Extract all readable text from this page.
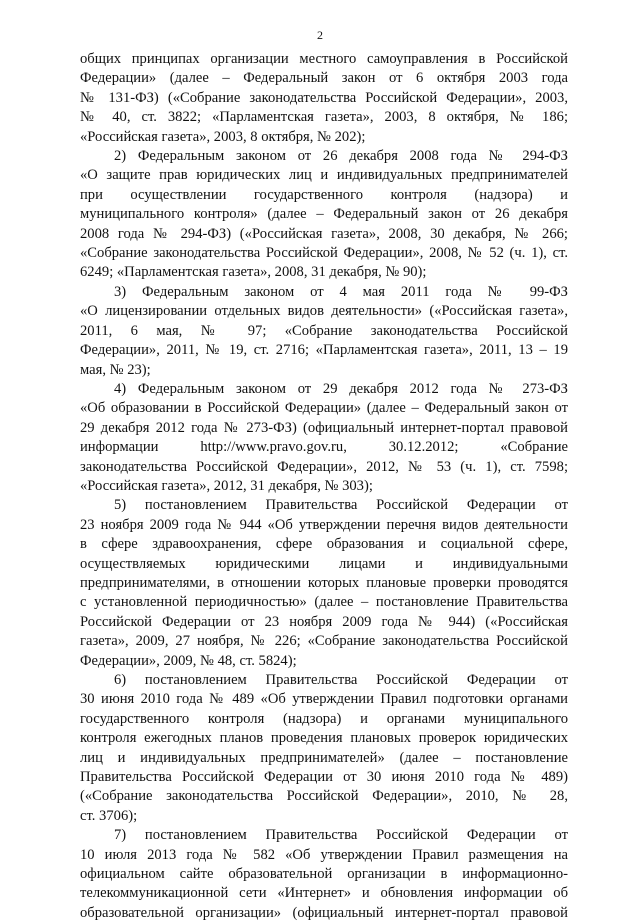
2
общих принципах организации местного самоуправления в Российской
Федерации» (далее – Федеральный закон от 6 октября 2003 года
№ 131-ФЗ) («Собрание законодательства Российской Федерации», 2003,
№ 40, ст. 3822; «Парламентская газета», 2003, 8 октября, № 186;
«Российская газета», 2003, 8 октября, № 202);
2) Федеральным законом от 26 декабря 2008 года № 294-ФЗ
«О защите прав юридических лиц и индивидуальных предпринимателей
при осуществлении государственного контроля (надзора) и
муниципального контроля» (далее – Федеральный закон от 26 декабря
2008 года № 294-ФЗ) («Российская газета», 2008, 30 декабря, № 266;
«Собрание законодательства Российской Федерации», 2008, № 52 (ч. 1), ст.
6249; «Парламентская газета», 2008, 31 декабря, № 90);
3) Федеральным законом от 4 мая 2011 года № 99-ФЗ
«О лицензировании отдельных видов деятельности» («Российская газета»,
2011, 6 мая, № 97; «Собрание законодательства Российской
Федерации», 2011, № 19, ст. 2716; «Парламентская газета», 2011, 13 – 19
мая, № 23);
4) Федеральным законом от 29 декабря 2012 года № 273-ФЗ
«Об образовании в Российской Федерации» (далее – Федеральный закон от
29 декабря 2012 года № 273-ФЗ) (официальный интернет-портал правовой
информации http://www.pravo.gov.ru, 30.12.2012; «Собрание
законодательства Российской Федерации», 2012, № 53 (ч. 1), ст. 7598;
«Российская газета», 2012, 31 декабря, № 303);
5) постановлением Правительства Российской Федерации от
23 ноября 2009 года № 944 «Об утверждении перечня видов деятельности
в сфере здравоохранения, сфере образования и социальной сфере,
осуществляемых юридическими лицами и индивидуальными
предпринимателями, в отношении которых плановые проверки проводятся
с установленной периодичностью» (далее – постановление Правительства
Российской Федерации от 23 ноября 2009 года № 944) («Российская
газета», 2009, 27 ноября, № 226; «Собрание законодательства Российской
Федерации», 2009, № 48, ст. 5824);
6) постановлением Правительства Российской Федерации от
30 июня 2010 года № 489 «Об утверждении Правил подготовки органами
государственного контроля (надзора) и органами муниципального
контроля ежегодных планов проведения плановых проверок юридических
лиц и индивидуальных предпринимателей» (далее – постановление
Правительства Российской Федерации от 30 июня 2010 года № 489)
(«Собрание законодательства Российской Федерации», 2010, № 28,
ст. 3706);
7) постановлением Правительства Российской Федерации от
10 июля 2013 года № 582 «Об утверждении Правил размещения на
официальном сайте образовательной организации в информационно-
телекоммуникационной сети «Интернет» и обновления информации об
образовательной организации» (официальный интернет-портал правовой
